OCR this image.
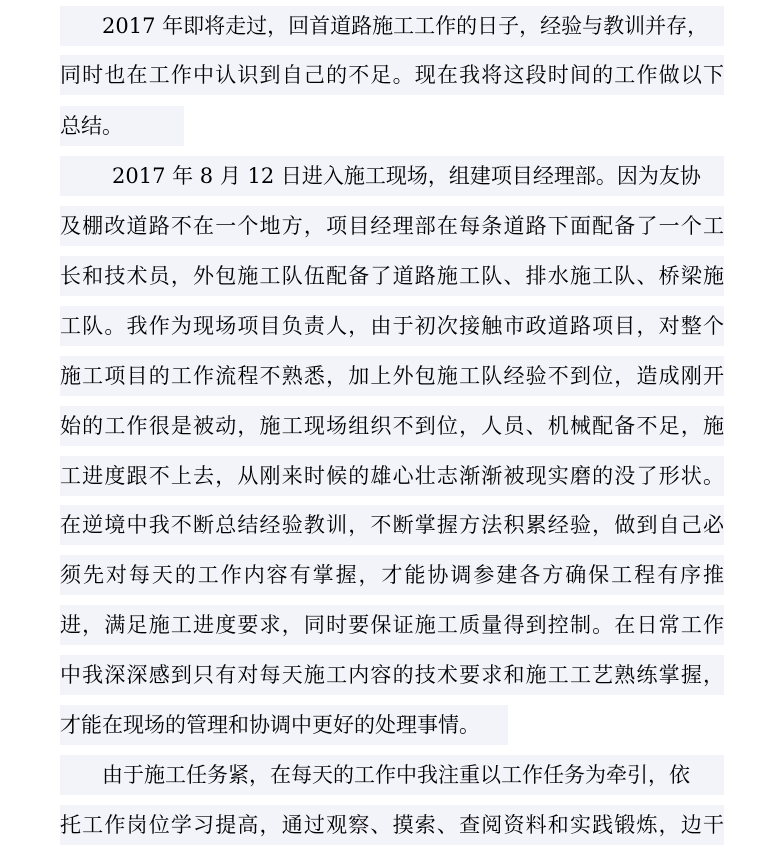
2017 年即将走过，回首道路施工工作的日子，经验与教训并存，
同时也在工作中认识到自己的不足。现在我将这段时间的工作做以下
总结。
2017 年 8 月 12 日进入施工现场，组建项目经理部。因为友协
及棚改道路不在一个地方，项目经理部在每条道路下面配备了一个工
长和技术员，外包施工队伍配备了道路施工队、排水施工队、桥梁施
工队。我作为现场项目负责人，由于初次接触市政道路项目，对整个
施工项目的工作流程不熟悉，加上外包施工队经验不到位，造成刚开
始的工作很是被动，施工现场组织不到位，人员、机械配备不足，施
工进度跟不上去，从刚来时候的雄心壮志渐渐被现实磨的没了形状。
在逆境中我不断总结经验教训，不断掌握方法积累经验，做到自己必
须先对每天的工作内容有掌握，才能协调参建各方确保工程有序推
进，满足施工进度要求，同时要保证施工质量得到控制。在日常工作
中我深深感到只有对每天施工内容的技术要求和施工工艺熟练掌握，
才能在现场的管理和协调中更好的处理事情。
由于施工任务紧，在每天的工作中我注重以工作任务为牵引，依
托工作岗位学习提高，通过观察、摸索、查阅资料和实践锻炼，边干
